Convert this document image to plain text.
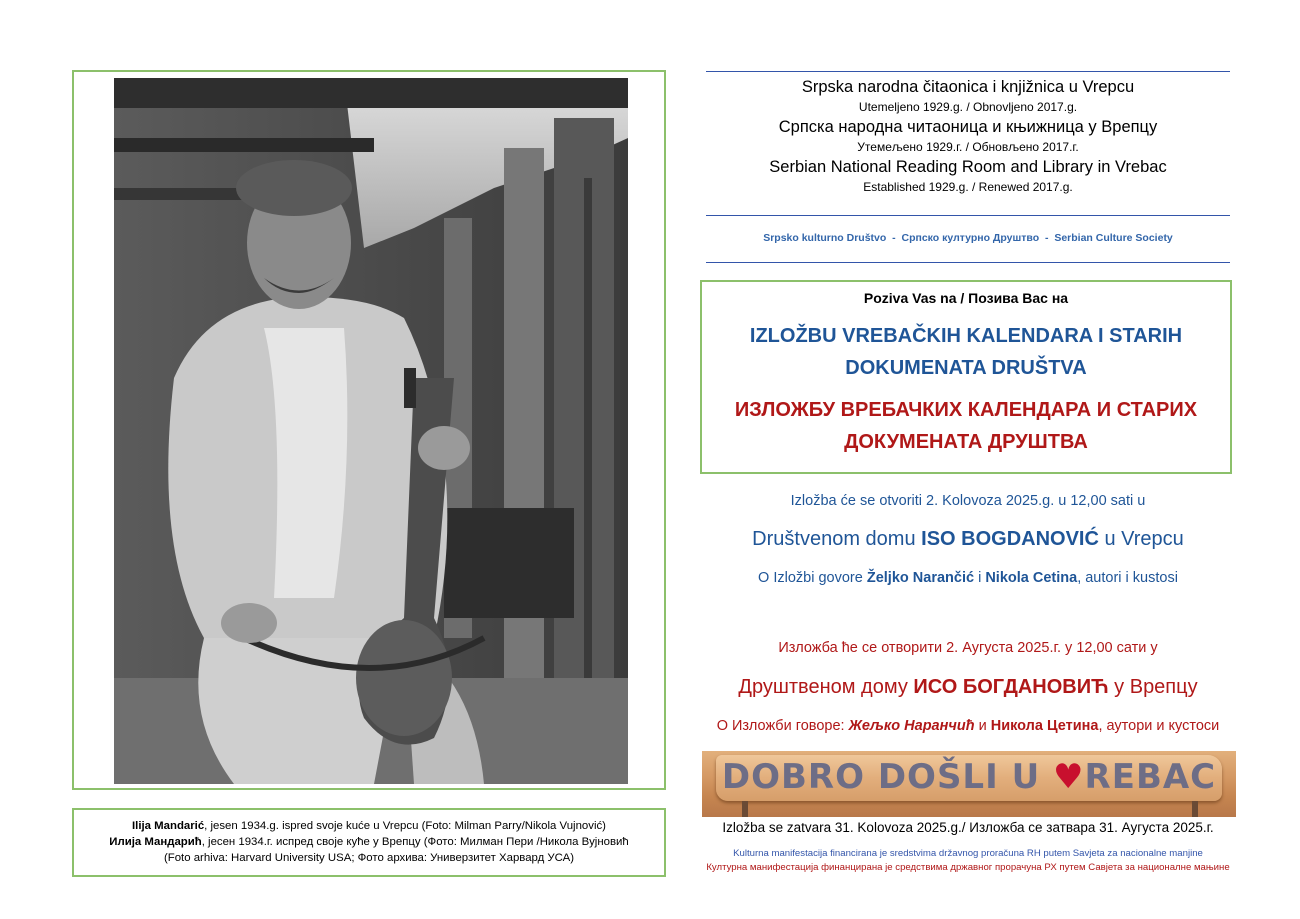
Ilija Mandarić, jesen 1934.g. ispred svoje kuće u Vrepcu (Foto: Milman Parry/Nikola Vujnović)
Илија Мандарић, јесен 1934.г. испред своје куће у Врепцу (Фото: Милман Пери /Никола Вујновић
(Foto arhiva: Harvard University USA; Фото архива: Универзитет Харвард УСА)
Srpska narodna čitaonica i knjižnica u Vrepcu
Utemeljeno 1929.g. / Obnovljeno 2017.g.
Српска народна читаоница и књижница у Врепцу
Утемељено 1929.г. / Обновљено 2017.г.
Serbian National Reading Room and Library in Vrebac
Established 1929.g. / Renewed 2017.g.
Srpsko kulturno Društvo  -  Српско културно Друштво  -  Serbian Culture Society
Poziva Vas na / Позива Вас на
IZLOŽBU VREBAČKIH KALENDARA I STARIH
DOKUMENATA DRUŠTVA
ИЗЛОЖБУ ВРЕБАЧКИХ КАЛЕНДАРА И СТАРИХ
ДОКУМЕНАТА ДРУШТВА
Izložba će se otvoriti 2. Kolovoza 2025.g. u 12,00 sati u
Društvenom domu ISO BOGDANOVIĆ u Vrepcu
O Izložbi govore Željko Narančić i Nikola Cetina, autori i kustosi
Изложба ће се отворити 2. Аугуста 2025.г. у 12,00 сати у
Друштвеном дому ИСО БОГДАНОВИЋ у Врепцу
О Изложби говоре: Жељко Наранчић и Никола Цетина, аутори и кустоси
DOBRO DOŠLI U ♥REBAC
Izložba se zatvara 31. Kolovoza 2025.g./ Изложба се затвара 31. Аугуста 2025.г.
Kulturna manifestacija financirana je sredstvima državnog proračuna RH putem Savjeta za nacionalne manjine
Културна манифестација финанцирана је средствима државног прорачуна РХ путем Савјета за националне мањине
